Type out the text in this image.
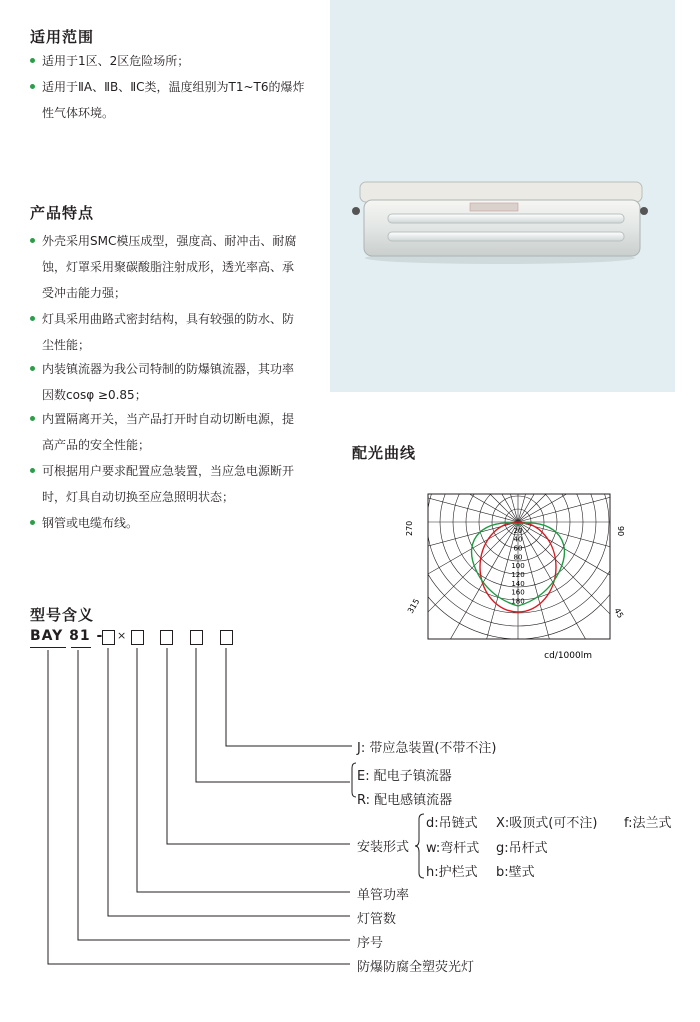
适用范围
适用于1区、2区危险场所；
适用于ⅡA、ⅡB、ⅡC类，温度组别为T1~T6的爆炸性气体环境。
产品特点
外壳采用SMC模压成型，强度高、耐冲击、耐腐蚀，灯罩采用聚碳酸脂注射成形，透光率高、承受冲击能力强；
灯具采用曲路式密封结构，具有较强的防水、防尘性能；
内装镇流器为我公司特制的防爆镇流器，其功率因数cosφ ≥0.85；
内置隔离开关，当产品打开时自动切断电源，提高产品的安全性能；
可根据用户要求配置应急装置，当应急电源断开时，灯具自动切换至应急照明状态；
钢管或电缆布线。
配光曲线
270	90
315	45
20
40
60
80
100
120
140
160
180
cd/1000lm
型号含义
BAY 81 - ×
J: 带应急装置(不带不注)
E: 配电子镇流器
R: 配电感镇流器
安装形式
d:吊链式 X:吸顶式(可不注) f:法兰式
w:弯杆式 g:吊杆式
h:护栏式 b:壁式
单管功率
灯管数
序号
防爆防腐全塑荧光灯
